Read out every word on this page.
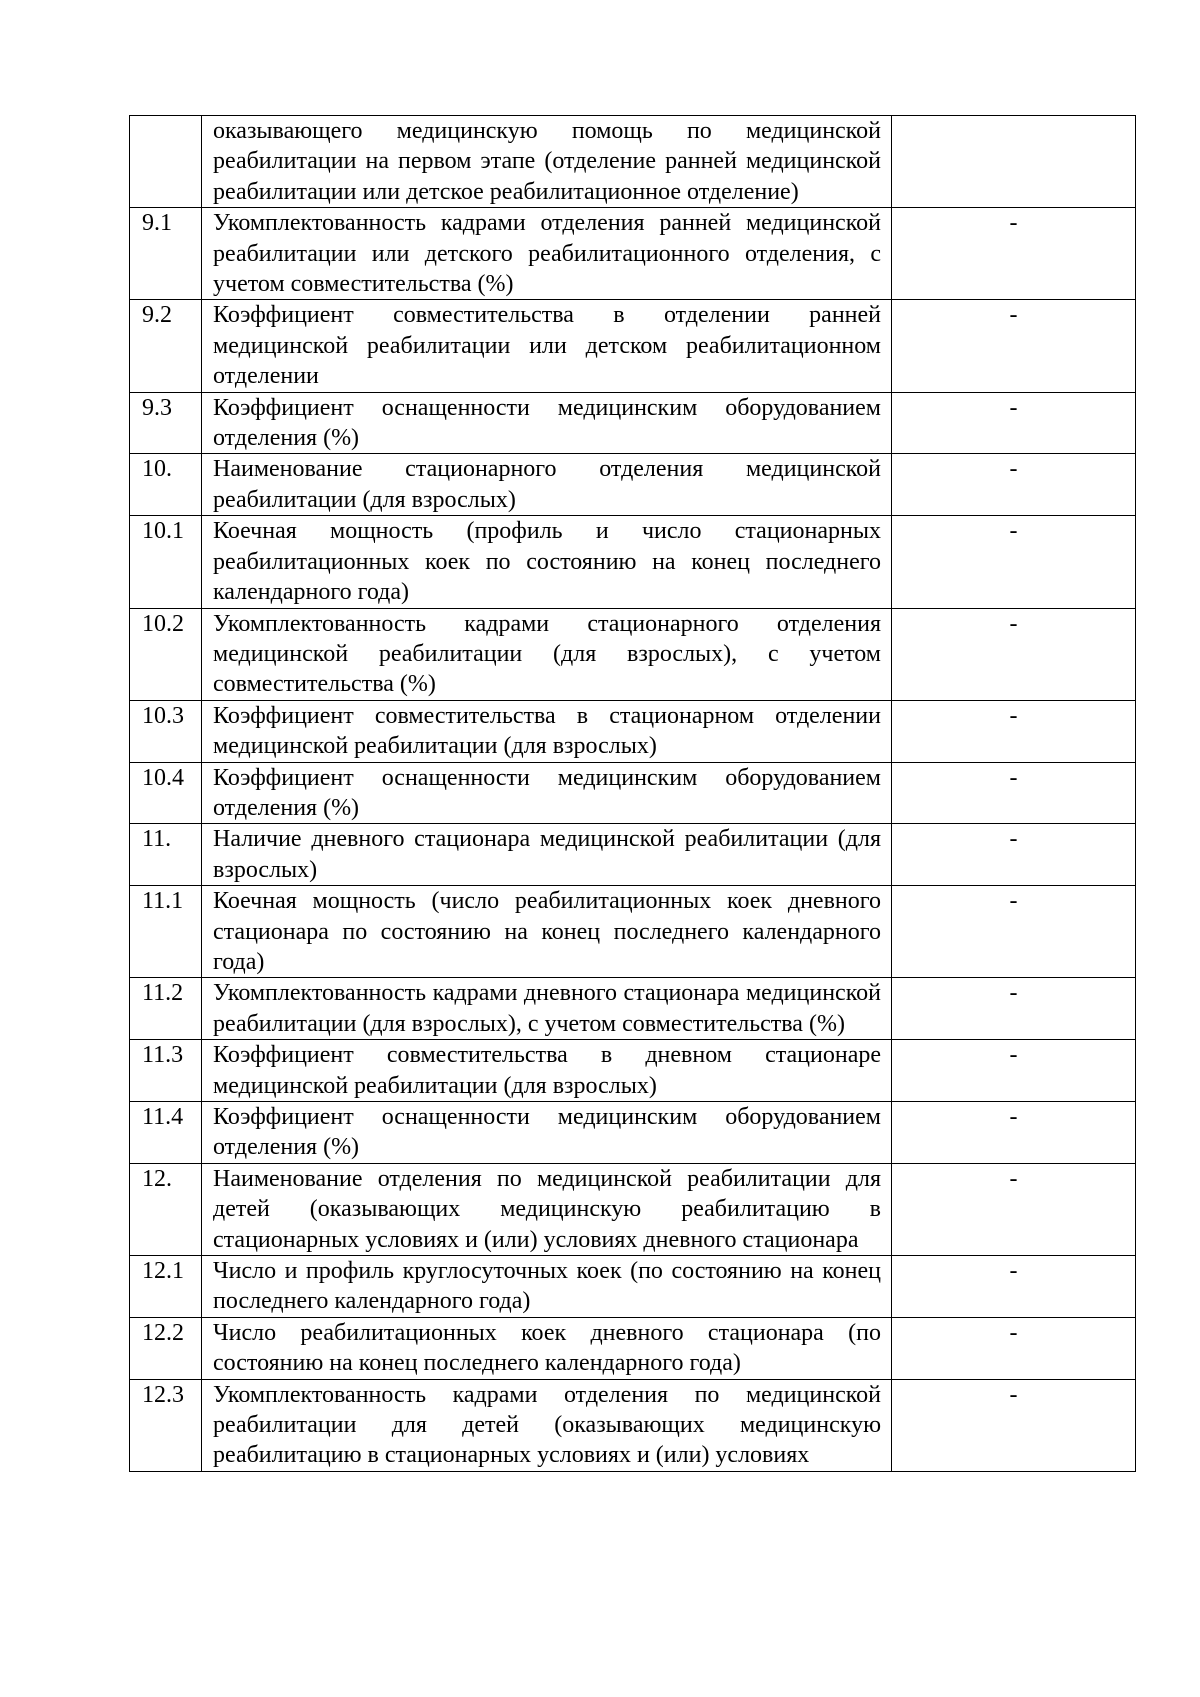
	оказывающего медицинскую помощь по медицинской реабилитации на первом этапе (отделение ранней медицинской реабилитации или детское реабилитационное отделение)	
9.1	Укомплектованность кадрами отделения ранней медицинской реабилитации или детского реабилитационного отделения, с учетом совместительства (%)	-
9.2	Коэффициент совместительства в отделении ранней медицинской реабилитации или детском реабилитационном отделении	-
9.3	Коэффициент оснащенности медицинским оборудованием отделения (%)	-
10.	Наименование стационарного отделения медицинской реабилитации (для взрослых)	-
10.1	Коечная мощность (профиль и число стационарных реабилитационных коек по состоянию на конец последнего календарного года)	-
10.2	Укомплектованность кадрами стационарного отделения медицинской реабилитации (для взрослых), с учетом совместительства (%)	-
10.3	Коэффициент совместительства в стационарном отделении медицинской реабилитации (для взрослых)	-
10.4	Коэффициент оснащенности медицинским оборудованием отделения (%)	-
11.	Наличие дневного стационара медицинской реабилитации (для взрослых)	-
11.1	Коечная мощность (число реабилитационных коек дневного стационара по состоянию на конец последнего календарного года)	-
11.2	Укомплектованность кадрами дневного стационара медицинской реабилитации (для взрослых), с учетом совместительства (%)	-
11.3	Коэффициент совместительства в дневном стационаре медицинской реабилитации (для взрослых)	-
11.4	Коэффициент оснащенности медицинским оборудованием отделения (%)	-
12.	Наименование отделения по медицинской реабилитации для детей (оказывающих медицинскую реабилитацию в стационарных условиях и (или) условиях дневного стационара	-
12.1	Число и профиль круглосуточных коек (по состоянию на конец последнего календарного года)	-
12.2	Число реабилитационных коек дневного стационара (по состоянию на конец последнего календарного года)	-
12.3	Укомплектованность кадрами отделения по медицинской реабилитации для детей (оказывающих медицинскую реабилитацию в стационарных условиях и (или) условиях	-
